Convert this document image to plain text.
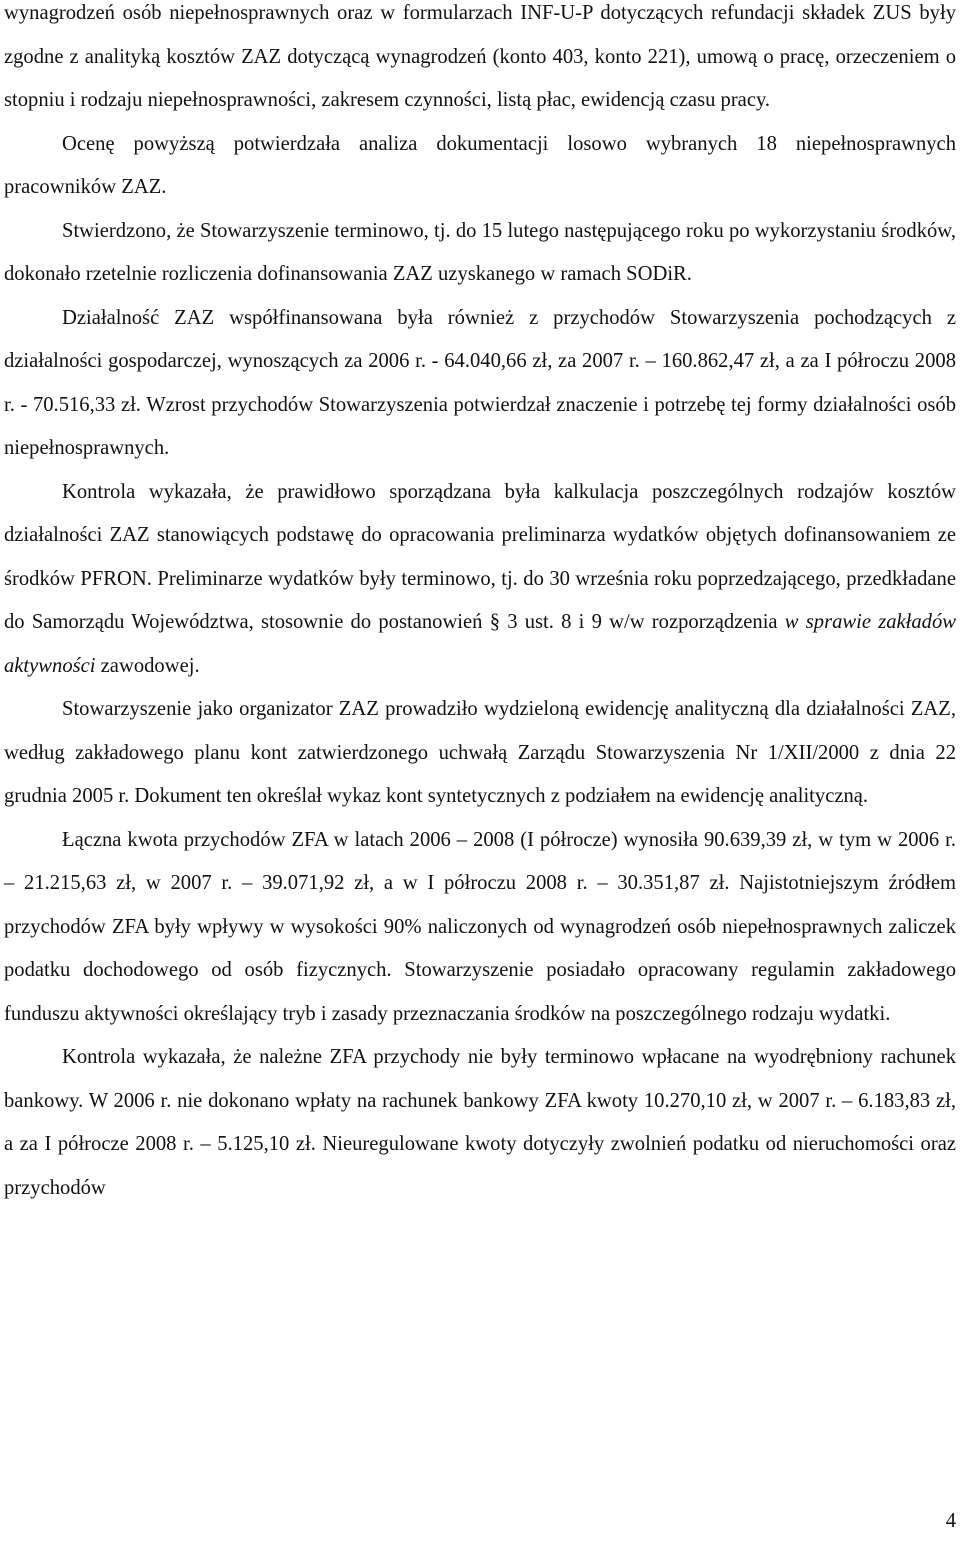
wynagrodzeń osób niepełnosprawnych oraz w formularzach INF-U-P dotyczących refundacji składek ZUS były zgodne z analityką kosztów ZAZ dotyczącą wynagrodzeń (konto 403, konto 221), umową o pracę, orzeczeniem o stopniu i rodzaju niepełnosprawności, zakresem czynności, listą płac, ewidencją czasu pracy.

Ocenę powyższą potwierdzała analiza dokumentacji losowo wybranych 18 niepełnosprawnych pracowników ZAZ.

Stwierdzono, że Stowarzyszenie terminowo, tj. do 15 lutego następującego roku po wykorzystaniu środków, dokonało rzetelnie rozliczenia dofinansowania ZAZ uzyskanego w ramach SODiR.

Działalność ZAZ współfinansowana była również z przychodów Stowarzyszenia pochodzących z działalności gospodarczej, wynoszących za 2006 r. - 64.040,66 zł, za 2007 r. – 160.862,47 zł, a za I półroczu 2008 r. - 70.516,33 zł. Wzrost przychodów Stowarzyszenia potwierdzał znaczenie i potrzebę tej formy działalności osób niepełnosprawnych.

Kontrola wykazała, że prawidłowo sporządzana była kalkulacja poszczególnych rodzajów kosztów działalności ZAZ stanowiących podstawę do opracowania preliminarza wydatków objętych dofinansowaniem ze środków PFRON. Preliminarze wydatków były terminowo, tj. do 30 września roku poprzedzającego, przedkładane do Samorządu Województwa, stosownie do postanowień § 3 ust. 8 i 9 w/w rozporządzenia w sprawie zakładów aktywności zawodowej.

Stowarzyszenie jako organizator ZAZ prowadziło wydzieloną ewidencję analityczną dla działalności ZAZ, według zakładowego planu kont zatwierdzonego uchwałą Zarządu Stowarzyszenia Nr 1/XII/2000 z dnia 22 grudnia 2005 r. Dokument ten określał wykaz kont syntetycznych z podziałem na ewidencję analityczną.

Łączna kwota przychodów ZFA w latach 2006 – 2008 (I półrocze) wynosiła 90.639,39 zł, w tym w 2006 r. – 21.215,63 zł, w 2007 r. – 39.071,92 zł, a w I półroczu 2008 r. – 30.351,87 zł. Najistotniejszym źródłem przychodów ZFA były wpływy w wysokości 90% naliczonych od wynagrodzeń osób niepełnosprawnych zaliczek podatku dochodowego od osób fizycznych. Stowarzyszenie posiadało opracowany regulamin zakładowego funduszu aktywności określający tryb i zasady przeznaczania środków na poszczególnego rodzaju wydatki.

Kontrola wykazała, że należne ZFA przychody nie były terminowo wpłacane na wyodrębniony rachunek bankowy. W 2006 r. nie dokonano wpłaty na rachunek bankowy ZFA kwoty 10.270,10 zł, w 2007 r. – 6.183,83 zł, a za I półrocze 2008 r. – 5.125,10 zł. Nieuregulowane kwoty dotyczyły zwolnień podatku od nieruchomości oraz przychodów

4
